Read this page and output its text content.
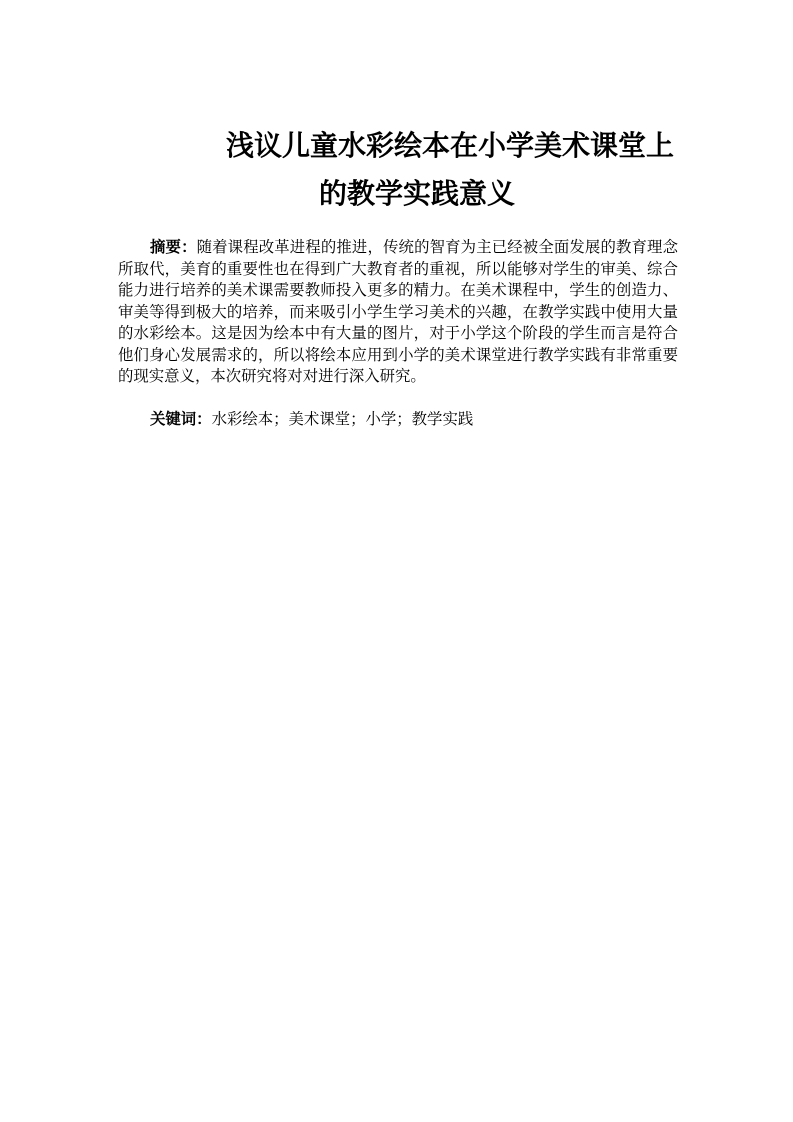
浅议儿童水彩绘本在小学美术课堂上
的教学实践意义

摘要：随着课程改革进程的推进，传统的智育为主已经被全面发展的教育理念所取代，美育的重要性也在得到广大教育者的重视，所以能够对学生的审美、综合能力进行培养的美术课需要教师投入更多的精力。在美术课程中，学生的创造力、审美等得到极大的培养，而来吸引小学生学习美术的兴趣，在教学实践中使用大量的水彩绘本。这是因为绘本中有大量的图片，对于小学这个阶段的学生而言是符合他们身心发展需求的，所以将绘本应用到小学的美术课堂进行教学实践有非常重要的现实意义，本次研究将对对进行深入研究。

关键词：水彩绘本；美术课堂；小学；教学实践
